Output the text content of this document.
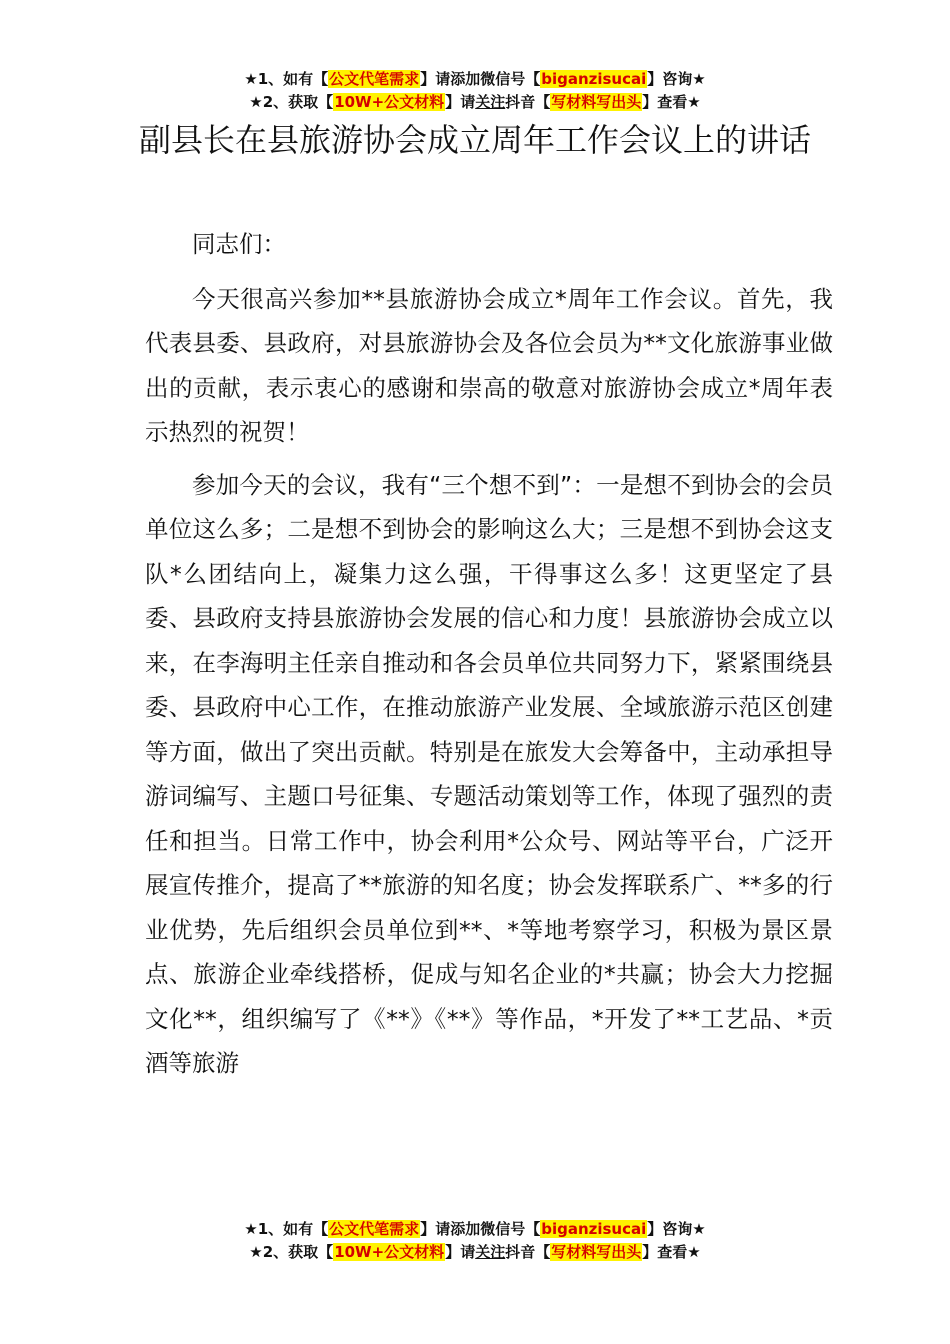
★1、如有【公文代笔需求】请添加微信号【biganzisucai】咨询★
★2、获取【10W+公文材料】请关注抖音【写材料写出头】查看★
副县长在县旅游协会成立周年工作会议上的讲话

同志们：

今天很高兴参加**县旅游协会成立*周年工作会议。首先，我代表县委、县政府，对县旅游协会及各位会员为**文化旅游事业做出的贡献，表示衷心的感谢和崇高的敬意对旅游协会成立*周年表示热烈的祝贺！

参加今天的会议，我有“三个想不到”：一是想不到协会的会员单位这么多；二是想不到协会的影响这么大；三是想不到协会这支队*么团结向上，凝集力这么强，干得事这么多！这更坚定了县委、县政府支持县旅游协会发展的信心和力度！县旅游协会成立以来，在李海明主任亲自推动和各会员单位共同努力下，紧紧围绕县委、县政府中心工作，在推动旅游产业发展、全域旅游示范区创建等方面，做出了突出贡献。特别是在旅发大会筹备中，主动承担导游词编写、主题口号征集、专题活动策划等工作，体现了强烈的责任和担当。日常工作中，协会利用*公众号、网站等平台，广泛开展宣传推介，提高了**旅游的知名度；协会发挥联系广、**多的行业优势，先后组织会员单位到**、*等地考察学习，积极为景区景点、旅游企业牵线搭桥，促成与知名企业的*共赢；协会大力挖掘文化**，组织编写了《**》《**》等作品，*开发了**工艺品、*贡酒等旅游

★1、如有【公文代笔需求】请添加微信号【biganzisucai】咨询★
★2、获取【10W+公文材料】请关注抖音【写材料写出头】查看★
